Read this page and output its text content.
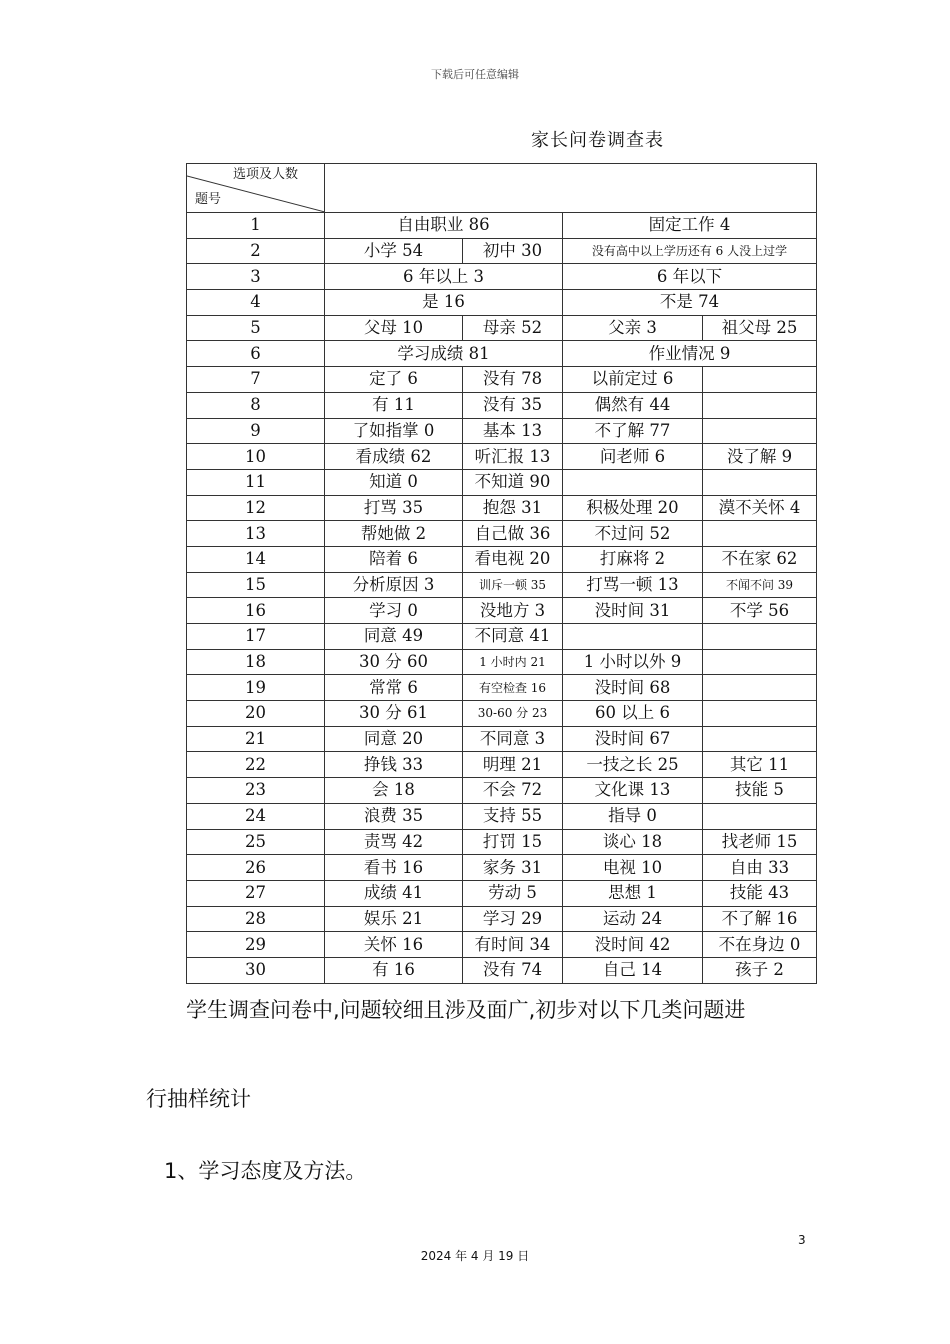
下载后可任意编辑
家长问卷调查表
选项及人数
题号				

1	自由职业 86		固定工作 4	
2	小学 54	初中 30	没有高中以上学历还有 6 人没上过学	
3	6 年以上 3		6 年以下	
4	是 16		不是 74	
5	父母 10	母亲 52	父亲 3	祖父母 25
6	学习成绩 81		作业情况 9	
7	定了 6	没有 78	以前定过 6	
8	有 11	没有 35	偶然有 44	
9	了如指掌 0	基本 13	不了解 77	
10	看成绩 62	听汇报 13	问老师 6	没了解 9
11	知道 0	不知道 90		
12	打骂 35	抱怨 31	积极处理 20	漠不关怀 4
13	帮她做 2	自己做 36	不过问 52	
14	陪着 6	看电视 20	打麻将 2	不在家 62
15	分析原因 3	训斥一顿 35	打骂一顿 13	不闻不问 39
16	学习 0	没地方 3	没时间 31	不学 56
17	同意 49	不同意 41		
18	30 分 60	1 小时内 21	1 小时以外 9	
19	常常 6	有空检查 16	没时间 68	
20	30 分 61	30-60 分 23	60 以上 6	
21	同意 20	不同意 3	没时间 67	
22	挣钱 33	明理 21	一技之长 25	其它 11
23	会 18	不会 72	文化课 13	技能 5
24	浪费 35	支持 55	指导 0	
25	责骂 42	打罚 15	谈心 18	找老师 15
26	看书 16	家务 31	电视 10	自由 33
27	成绩 41	劳动 5	思想 1	技能 43
28	娱乐 21	学习 29	运动 24	不了解 16
29	关怀 16	有时间 34	没时间 42	不在身边 0
30	有 16	没有 74	自己 14	孩子 2
学生调查问卷中,问题较细且涉及面广,初步对以下几类问题进
行抽样统计
1、学习态度及方法。
3
2024 年 4 月 19 日
